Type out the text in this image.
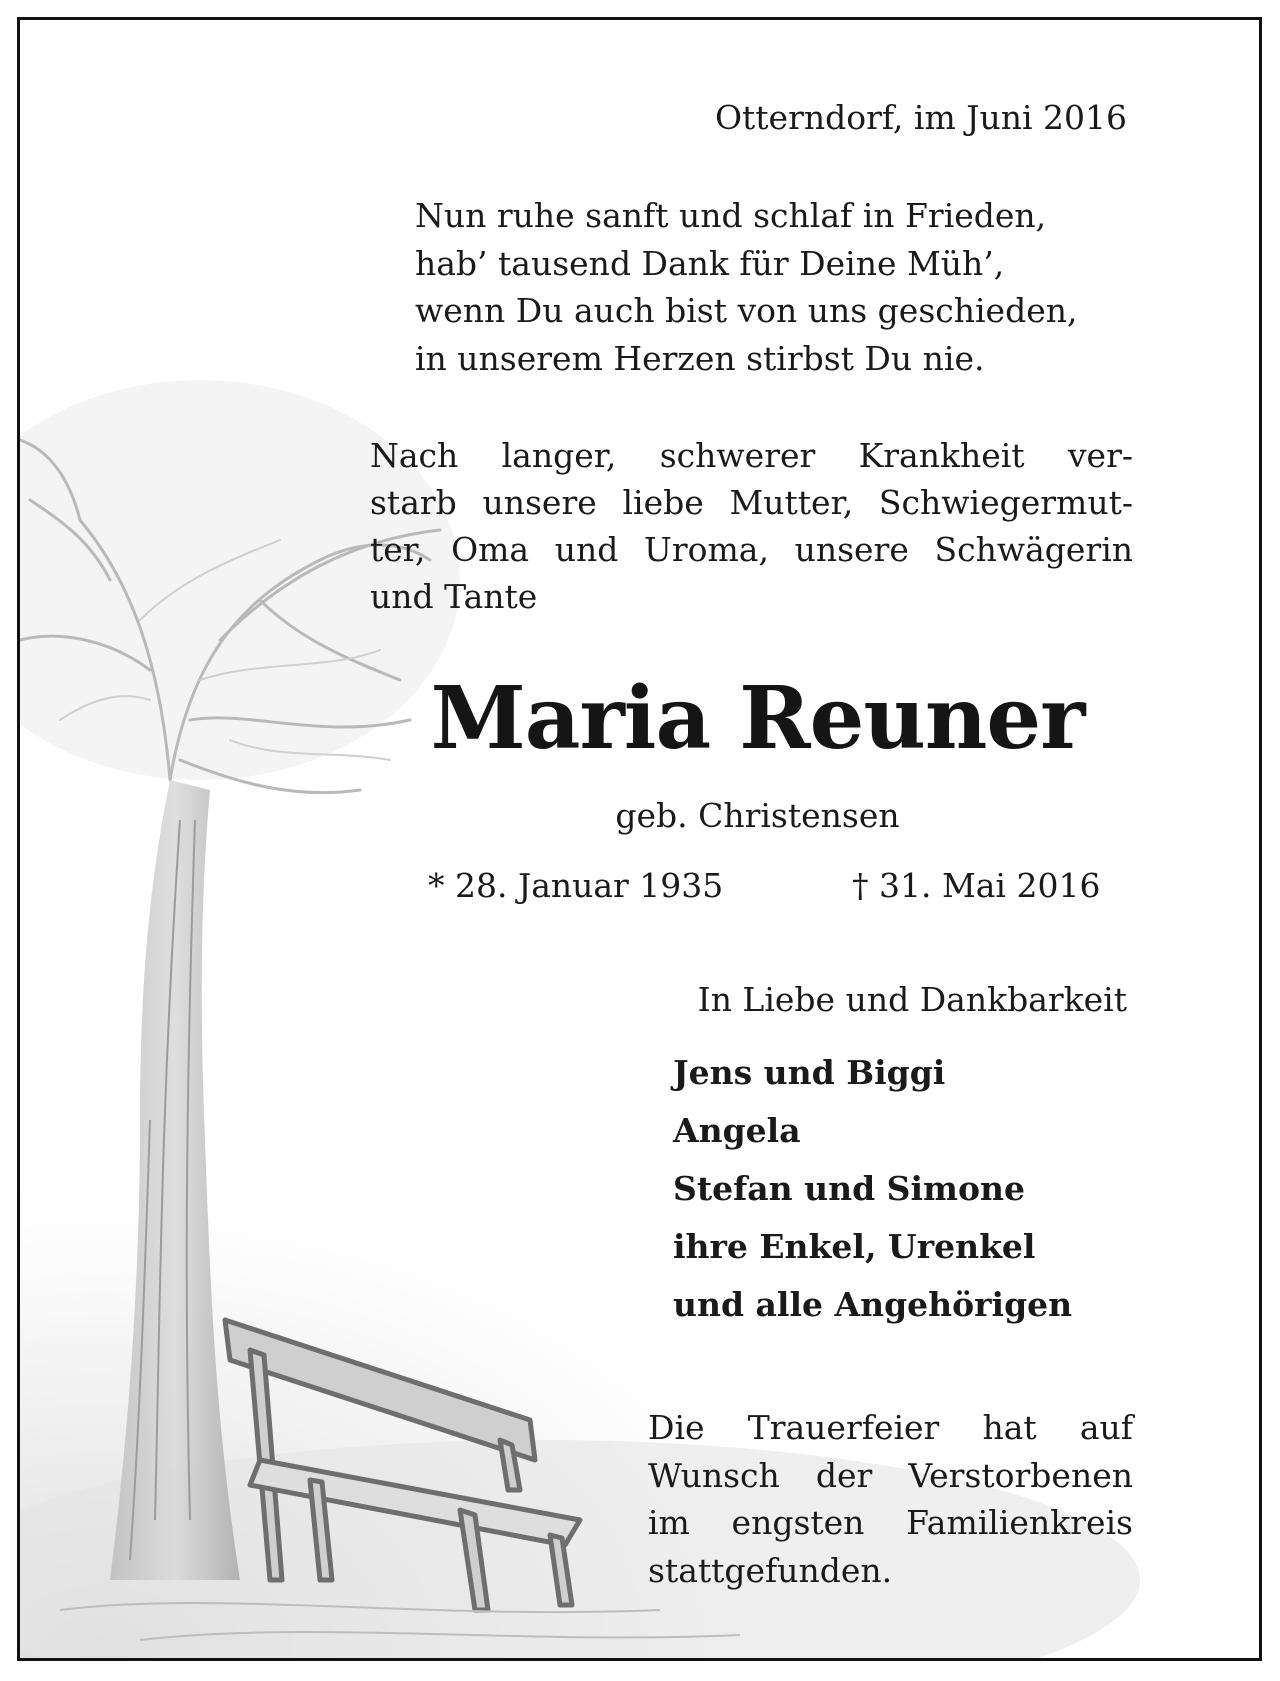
Otterndorf, im Juni 2016

Nun ruhe sanft und schlaf in Frieden,
hab’ tausend Dank für Deine Müh’,
wenn Du auch bist von uns geschieden,
in unserem Herzen stirbst Du nie.
Nach langer, schwerer Krankheit ver-
starb unsere liebe Mutter, Schwiegermut-
ter, Oma und Uroma, unsere Schwägerin
und Tante

Maria Reuner

geb. Christensen

* 28. Januar 1935	† 31. Mai 2016

In Liebe und Dankbarkeit

Jens und Biggi
Angela
Stefan und Simone
ihre Enkel, Urenkel
und alle Angehörigen
Die Trauerfeier hat auf
Wunsch der Verstorbenen
im engsten Familienkreis
stattgefunden.
